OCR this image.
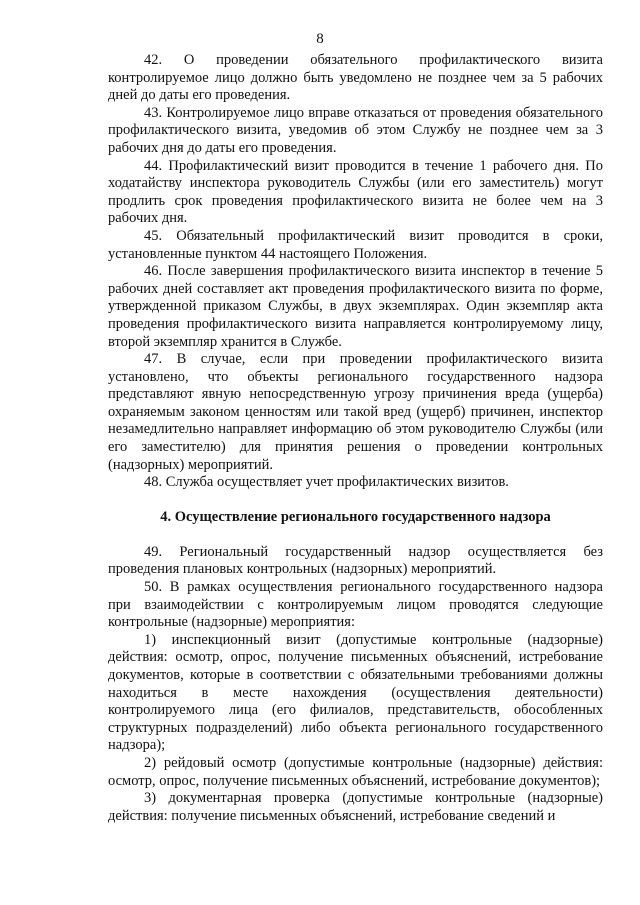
8

42. О проведении обязательного профилактического визита контролируемое лицо должно быть уведомлено не позднее чем за 5 рабочих дней до даты его проведения.

43. Контролируемое лицо вправе отказаться от проведения обязательного профилактического визита, уведомив об этом Службу не позднее чем за 3 рабочих дня до даты его проведения.

44. Профилактический визит проводится в течение 1 рабочего дня. По ходатайству инспектора руководитель Службы (или его заместитель) могут продлить срок проведения профилактического визита не более чем на 3 рабочих дня.

45. Обязательный профилактический визит проводится в сроки, установленные пунктом 44 настоящего Положения.

46. После завершения профилактического визита инспектор в течение 5 рабочих дней составляет акт проведения профилактического визита по форме, утвержденной приказом Службы, в двух экземплярах. Один экземпляр акта проведения профилактического визита направляется контролируемому лицу, второй экземпляр хранится в Службе.

47. В случае, если при проведении профилактического визита установлено, что объекты регионального государственного надзора представляют явную непосредственную угрозу причинения вреда (ущерба) охраняемым законом ценностям или такой вред (ущерб) причинен, инспектор незамедлительно направляет информацию об этом руководителю Службы (или его заместителю) для принятия решения о проведении контрольных (надзорных) мероприятий.

48. Служба осуществляет учет профилактических визитов.

4. Осуществление регионального государственного надзора

49. Региональный государственный надзор осуществляется без проведения плановых контрольных (надзорных) мероприятий.

50. В рамках осуществления регионального государственного надзора при взаимодействии с контролируемым лицом проводятся следующие контрольные (надзорные) мероприятия:

1) инспекционный визит (допустимые контрольные (надзорные) действия: осмотр, опрос, получение письменных объяснений, истребование документов, которые в соответствии с обязательными требованиями должны находиться в месте нахождения (осуществления деятельности) контролируемого лица (его филиалов, представительств, обособленных структурных подразделений) либо объекта регионального государственного надзора);

2) рейдовый осмотр (допустимые контрольные (надзорные) действия: осмотр, опрос, получение письменных объяснений, истребование документов);

3) документарная проверка (допустимые контрольные (надзорные) действия: получение письменных объяснений, истребование сведений и
